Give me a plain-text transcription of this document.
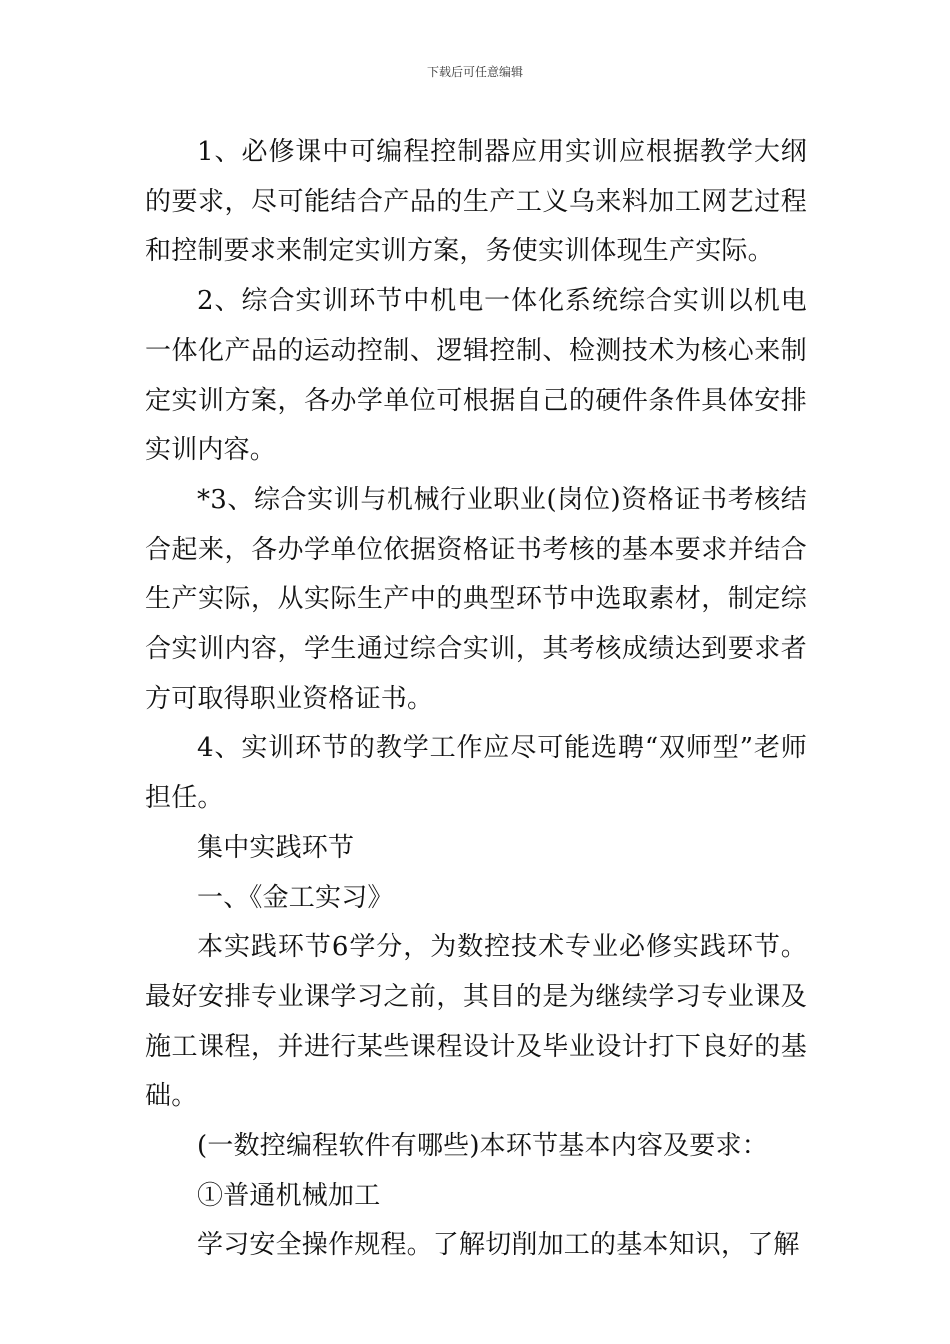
下载后可任意编辑

1、必修课中可编程控制器应用实训应根据教学大纲的要求，尽可能结合产品的生产工义乌来料加工网艺过程和控制要求来制定实训方案，务使实训体现生产实际。

2、综合实训环节中机电一体化系统综合实训以机电一体化产品的运动控制、逻辑控制、检测技术为核心来制定实训方案，各办学单位可根据自己的硬件条件具体安排实训内容。

*3、综合实训与机械行业职业(岗位)资格证书考核结合起来，各办学单位依据资格证书考核的基本要求并结合生产实际，从实际生产中的典型环节中选取素材，制定综合实训内容，学生通过综合实训，其考核成绩达到要求者方可取得职业资格证书。

4、实训环节的教学工作应尽可能选聘“双师型”老师担任。

集中实践环节

一、《金工实习》

本实践环节6学分，为数控技术专业必修实践环节。最好安排专业课学习之前，其目的是为继续学习专业课及施工课程，并进行某些课程设计及毕业设计打下良好的基础。

(一数控编程软件有哪些)本环节基本内容及要求：

①普通机械加工

学习安全操作规程。了解切削加工的基本知识，了解
